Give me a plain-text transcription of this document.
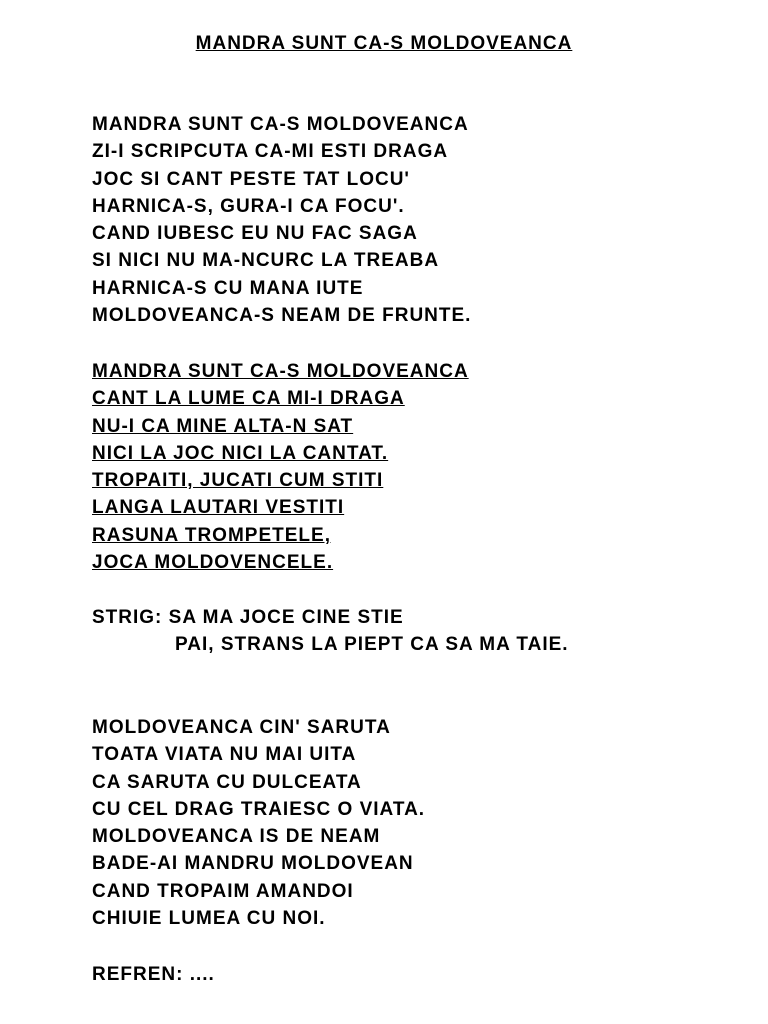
MANDRA SUNT CA-S MOLDOVEANCA
MANDRA SUNT CA-S MOLDOVEANCA
ZI-I SCRIPCUTA CA-MI ESTI DRAGA
JOC SI CANT PESTE TAT LOCU'
HARNICA-S, GURA-I CA FOCU'.
CAND IUBESC EU NU FAC SAGA
SI NICI NU MA-NCURC LA TREABA
HARNICA-S CU MANA IUTE
MOLDOVEANCA-S NEAM DE FRUNTE.
MANDRA SUNT CA-S MOLDOVEANCA
CANT LA LUME CA MI-I DRAGA
NU-I CA MINE ALTA-N SAT
NICI LA JOC NICI LA CANTAT.
TROPAITI, JUCATI CUM STITI
LANGA LAUTARI VESTITI
RASUNA TROMPETELE,
JOCA MOLDOVENCELE.
STRIG: SA MA JOCE CINE STIE
PAI, STRANS LA PIEPT CA SA MA TAIE.
MOLDOVEANCA CIN' SARUTA
TOATA VIATA NU MAI UITA
CA SARUTA CU DULCEATA
CU CEL DRAG TRAIESC O VIATA.
MOLDOVEANCA IS DE NEAM
BADE-AI MANDRU MOLDOVEAN
CAND TROPAIM AMANDOI
CHIUIE LUMEA CU NOI.
REFREN: ....
